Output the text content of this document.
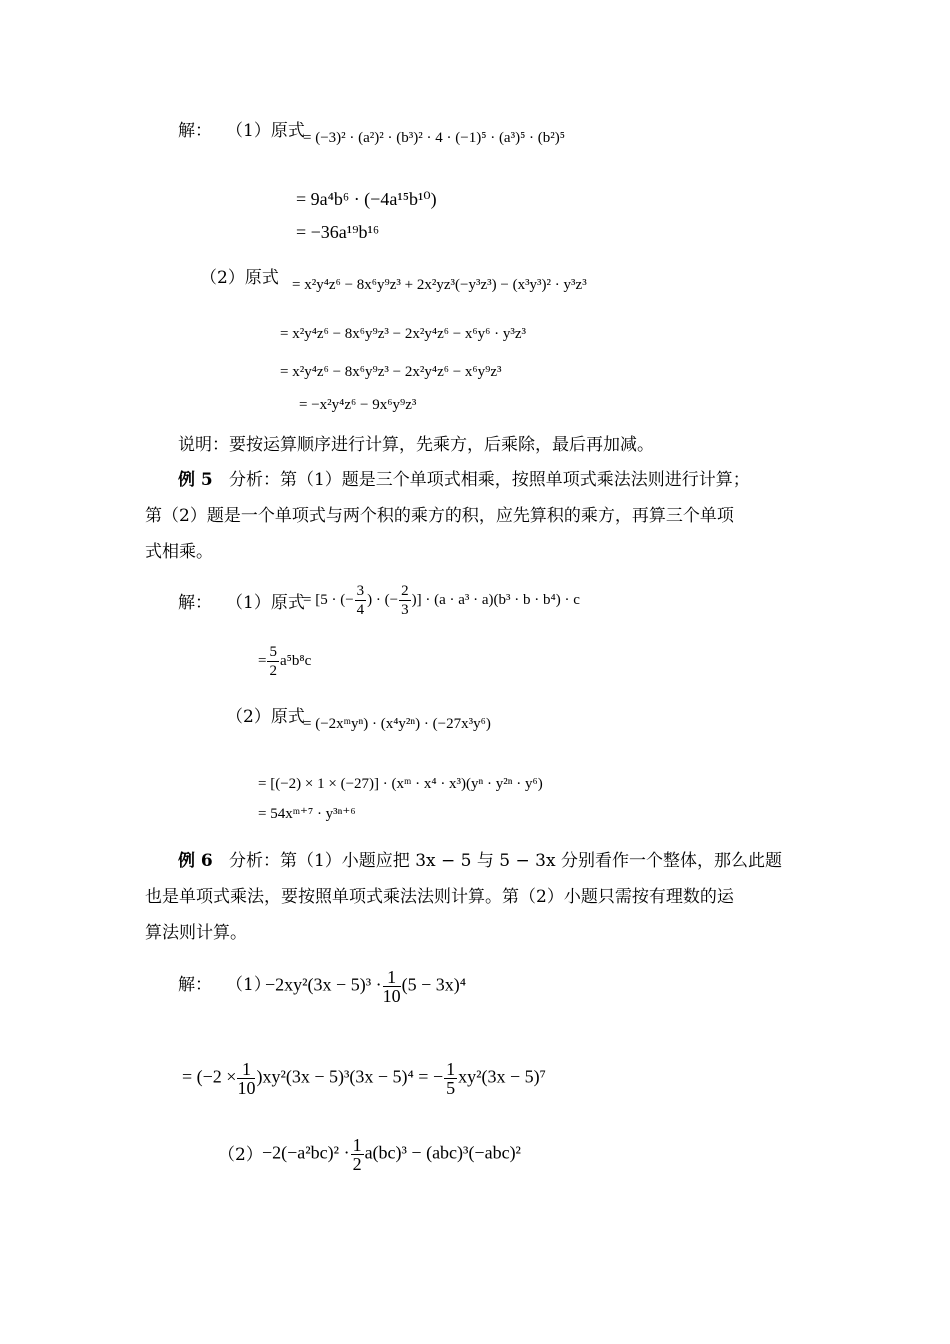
解： （1）原式
= (−3)² · (a²)² · (b³)² · 4 · (−1)⁵ · (a³)⁵ · (b²)⁵
= 9a⁴b⁶ · (−4a¹⁵b¹⁰)
= −36a¹⁹b¹⁶
（2）原式 = x²y⁴z⁶ − 8x⁶y⁹z³ + 2x²yz³(−y³z³) − (x³y³)² · y³z³
= x²y⁴z⁶ − 8x⁶y⁹z³ − 2x²y⁴z⁶ − x⁶y⁶ · y³z³
= x²y⁴z⁶ − 8x⁶y⁹z³ − 2x²y⁴z⁶ − x⁶y⁹z³
= −x²y⁴z⁶ − 9x⁶y⁹z³
说明：要按运算顺序进行计算，先乘方，后乘除，最后再加减。
例 5 分析：第（1）题是三个单项式相乘，按照单项式乘法法则进行计算；
第（2）题是一个单项式与两个积的乘方的积，应先算积的乘方，再算三个单项
式相乘。
解： （1）原式
= [5 · (− $\frac{3}{4}$ ) · (− $\frac{2}{3}$ )] · (a · a³ · a)(b³ · b · b⁴) · c
= $\frac{5}{2} a^5b^8c$
（2）原式
= (−2xᵐyⁿ) · (x⁴y²ⁿ) · (−27x³y⁶)
= [(−2) × 1 × (−27)] · (xᵐ · x⁴ · x³)(yⁿ · y²ⁿ · y⁶)
= 54xᵐ⁺⁷ · y³ⁿ⁺⁶
例 6 分析：第（1）小题应把 3x − 5 与 5 − 3x 分别看作一个整体，那么此题
也是单项式乘法，要按照单项式乘法法则计算。第（2）小题只需按有理数的运
算法则计算。
解： （1）
$-2xy^2(3x - 5)^3 \cdot \frac{1}{10} (5 - 3x)^4$
= $(-2 \times \frac{1}{10} )xy^2(3x - 5)^3(3x - 5)^4$ = − $\frac{1}{5} xy^2(3x - 5)^7$
$(2) -2(-a^2bc)^2 \cdot \frac{1}{2} a(bc)^3 - (abc)^3(-abc)^2$
